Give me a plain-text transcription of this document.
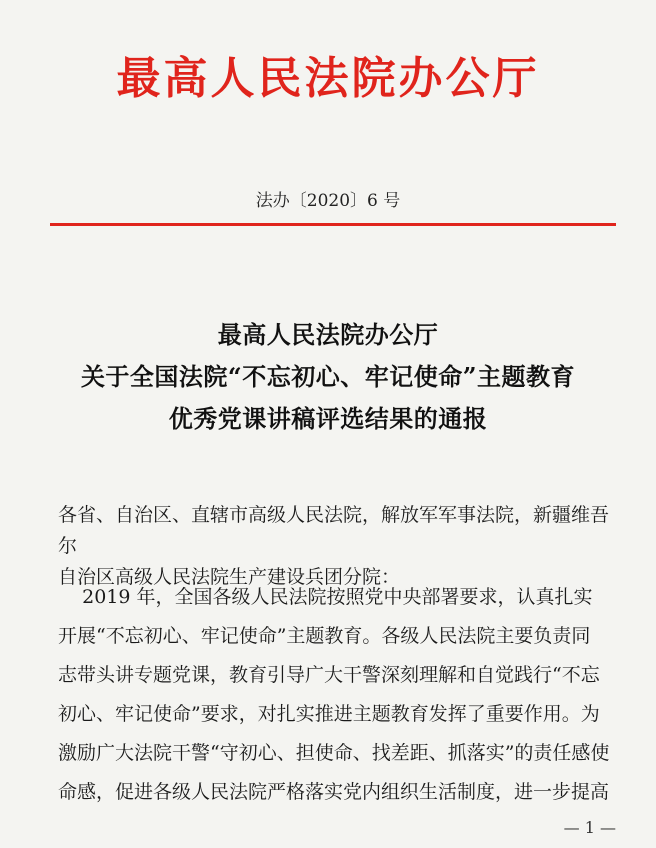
最高人民法院办公厅
法办〔2020〕6 号
最高人民法院办公厅
关于全国法院“不忘初心、牢记使命”主题教育
优秀党课讲稿评选结果的通报
各省、自治区、直辖市高级人民法院，解放军军事法院，新疆维吾尔
自治区高级人民法院生产建设兵团分院：
2019 年，全国各级人民法院按照党中央部署要求，认真扎实
开展“不忘初心、牢记使命”主题教育。各级人民法院主要负责同
志带头讲专题党课，教育引导广大干警深刻理解和自觉践行“不忘
初心、牢记使命”要求，对扎实推进主题教育发挥了重要作用。为
激励广大法院干警“守初心、担使命、找差距、抓落实”的责任感使
命感，促进各级人民法院严格落实党内组织生活制度，进一步提高
— 1 —
